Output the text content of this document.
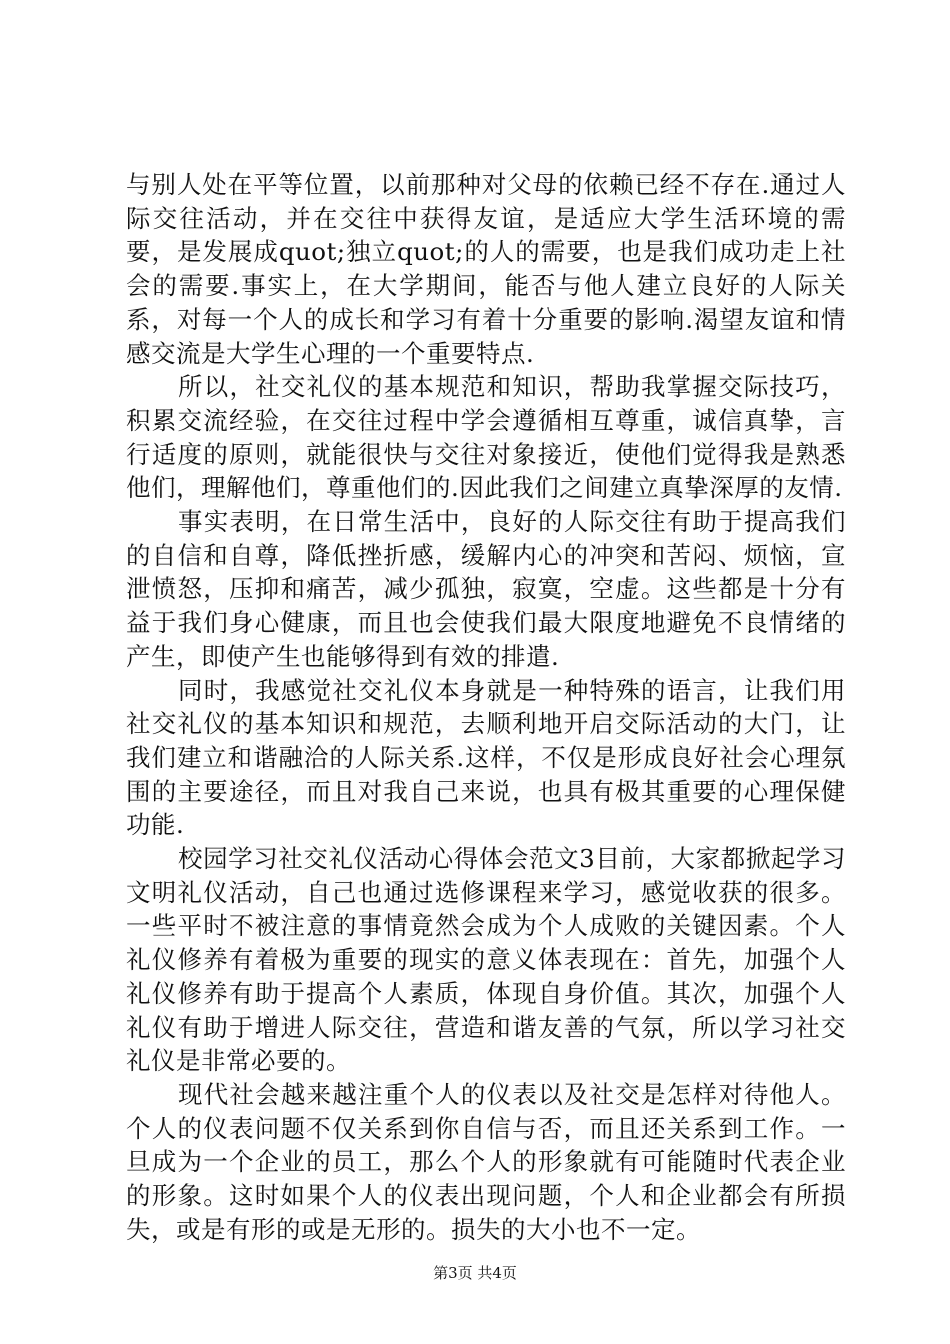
与别人处在平等位置，以前那种对父母的依赖已经不存在.通过人际交往活动，并在交往中获得友谊，是适应大学生活环境的需要，是发展成quot;独立quot;的人的需要，也是我们成功走上社会的需要.事实上，在大学期间，能否与他人建立良好的人际关系，对每一个人的成长和学习有着十分重要的影响.渴望友谊和情感交流是大学生心理的一个重要特点.

所以，社交礼仪的基本规范和知识，帮助我掌握交际技巧，积累交流经验，在交往过程中学会遵循相互尊重，诚信真挚，言行适度的原则，就能很快与交往对象接近，使他们觉得我是熟悉他们，理解他们，尊重他们的.因此我们之间建立真挚深厚的友情.

事实表明，在日常生活中，良好的人际交往有助于提高我们的自信和自尊，降低挫折感，缓解内心的冲突和苦闷、烦恼，宣泄愤怒，压抑和痛苦，减少孤独，寂寞，空虚。这些都是十分有益于我们身心健康，而且也会使我们最大限度地避免不良情绪的产生，即使产生也能够得到有效的排遣.

同时，我感觉社交礼仪本身就是一种特殊的语言，让我们用社交礼仪的基本知识和规范，去顺利地开启交际活动的大门，让我们建立和谐融洽的人际关系.这样，不仅是形成良好社会心理氛围的主要途径，而且对我自己来说，也具有极其重要的心理保健功能.

校园学习社交礼仪活动心得体会范文3目前，大家都掀起学习文明礼仪活动，自己也通过选修课程来学习，感觉收获的很多。一些平时不被注意的事情竟然会成为个人成败的关键因素。个人礼仪修养有着极为重要的现实的意义体表现在：首先，加强个人礼仪修养有助于提高个人素质，体现自身价值。其次，加强个人礼仪有助于增进人际交往，营造和谐友善的气氛，所以学习社交礼仪是非常必要的。

现代社会越来越注重个人的仪表以及社交是怎样对待他人。个人的仪表问题不仅关系到你自信与否，而且还关系到工作。一旦成为一个企业的员工，那么个人的形象就有可能随时代表企业的形象。这时如果个人的仪表出现问题，个人和企业都会有所损失，或是有形的或是无形的。损失的大小也不一定。

第3页 共4页
